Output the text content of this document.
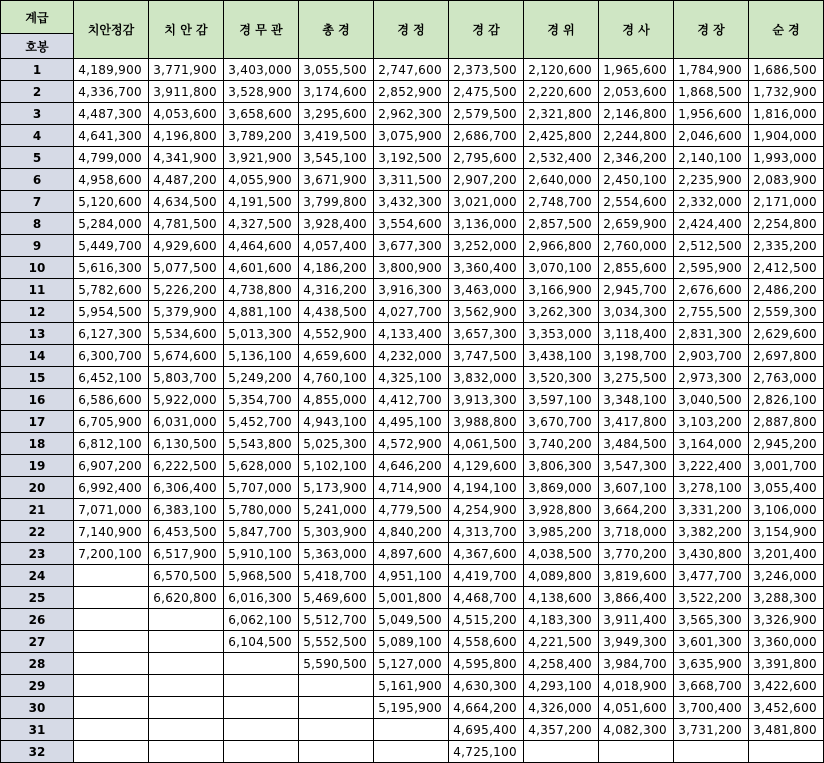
계급	치안정감	치 안 감	경 무 관	총 경	경 정	경 감	경 위	경 사	경 장	순 경
호봉										
1	4,189,900	3,771,900	3,403,000	3,055,500	2,747,600	2,373,500	2,120,600	1,965,600	1,784,900	1,686,500
2	4,336,700	3,911,800	3,528,900	3,174,600	2,852,900	2,475,500	2,220,600	2,053,600	1,868,500	1,732,900
3	4,487,300	4,053,600	3,658,600	3,295,600	2,962,300	2,579,500	2,321,800	2,146,800	1,956,600	1,816,000
4	4,641,300	4,196,800	3,789,200	3,419,500	3,075,900	2,686,700	2,425,800	2,244,800	2,046,600	1,904,000
5	4,799,000	4,341,900	3,921,900	3,545,100	3,192,500	2,795,600	2,532,400	2,346,200	2,140,100	1,993,000
6	4,958,600	4,487,200	4,055,900	3,671,900	3,311,500	2,907,200	2,640,000	2,450,100	2,235,900	2,083,900
7	5,120,600	4,634,500	4,191,500	3,799,800	3,432,300	3,021,000	2,748,700	2,554,600	2,332,000	2,171,000
8	5,284,000	4,781,500	4,327,500	3,928,400	3,554,600	3,136,000	2,857,500	2,659,900	2,424,400	2,254,800
9	5,449,700	4,929,600	4,464,600	4,057,400	3,677,300	3,252,000	2,966,800	2,760,000	2,512,500	2,335,200
10	5,616,300	5,077,500	4,601,600	4,186,200	3,800,900	3,360,400	3,070,100	2,855,600	2,595,900	2,412,500
11	5,782,600	5,226,200	4,738,800	4,316,200	3,916,300	3,463,000	3,166,900	2,945,700	2,676,600	2,486,200
12	5,954,500	5,379,900	4,881,100	4,438,500	4,027,700	3,562,900	3,262,300	3,034,300	2,755,500	2,559,300
13	6,127,300	5,534,600	5,013,300	4,552,900	4,133,400	3,657,300	3,353,000	3,118,400	2,831,300	2,629,600
14	6,300,700	5,674,600	5,136,100	4,659,600	4,232,000	3,747,500	3,438,100	3,198,700	2,903,700	2,697,800
15	6,452,100	5,803,700	5,249,200	4,760,100	4,325,100	3,832,000	3,520,300	3,275,500	2,973,300	2,763,000
16	6,586,600	5,922,000	5,354,700	4,855,000	4,412,700	3,913,300	3,597,100	3,348,100	3,040,500	2,826,100
17	6,705,900	6,031,000	5,452,700	4,943,100	4,495,100	3,988,800	3,670,700	3,417,800	3,103,200	2,887,800
18	6,812,100	6,130,500	5,543,800	5,025,300	4,572,900	4,061,500	3,740,200	3,484,500	3,164,000	2,945,200
19	6,907,200	6,222,500	5,628,000	5,102,100	4,646,200	4,129,600	3,806,300	3,547,300	3,222,400	3,001,700
20	6,992,400	6,306,400	5,707,000	5,173,900	4,714,900	4,194,100	3,869,000	3,607,100	3,278,100	3,055,400
21	7,071,000	6,383,100	5,780,000	5,241,000	4,779,500	4,254,900	3,928,800	3,664,200	3,331,200	3,106,000
22	7,140,900	6,453,500	5,847,700	5,303,900	4,840,200	4,313,700	3,985,200	3,718,000	3,382,200	3,154,900
23	7,200,100	6,517,900	5,910,100	5,363,000	4,897,600	4,367,600	4,038,500	3,770,200	3,430,800	3,201,400
24		6,570,500	5,968,500	5,418,700	4,951,100	4,419,700	4,089,800	3,819,600	3,477,700	3,246,000
25		6,620,800	6,016,300	5,469,600	5,001,800	4,468,700	4,138,600	3,866,400	3,522,200	3,288,300
26			6,062,100	5,512,700	5,049,500	4,515,200	4,183,300	3,911,400	3,565,300	3,326,900
27			6,104,500	5,552,500	5,089,100	4,558,600	4,221,500	3,949,300	3,601,300	3,360,000
28				5,590,500	5,127,000	4,595,800	4,258,400	3,984,700	3,635,900	3,391,800
29					5,161,900	4,630,300	4,293,100	4,018,900	3,668,700	3,422,600
30					5,195,900	4,664,200	4,326,000	4,051,600	3,700,400	3,452,600
31						4,695,400	4,357,200	4,082,300	3,731,200	3,481,800
32						4,725,100				
